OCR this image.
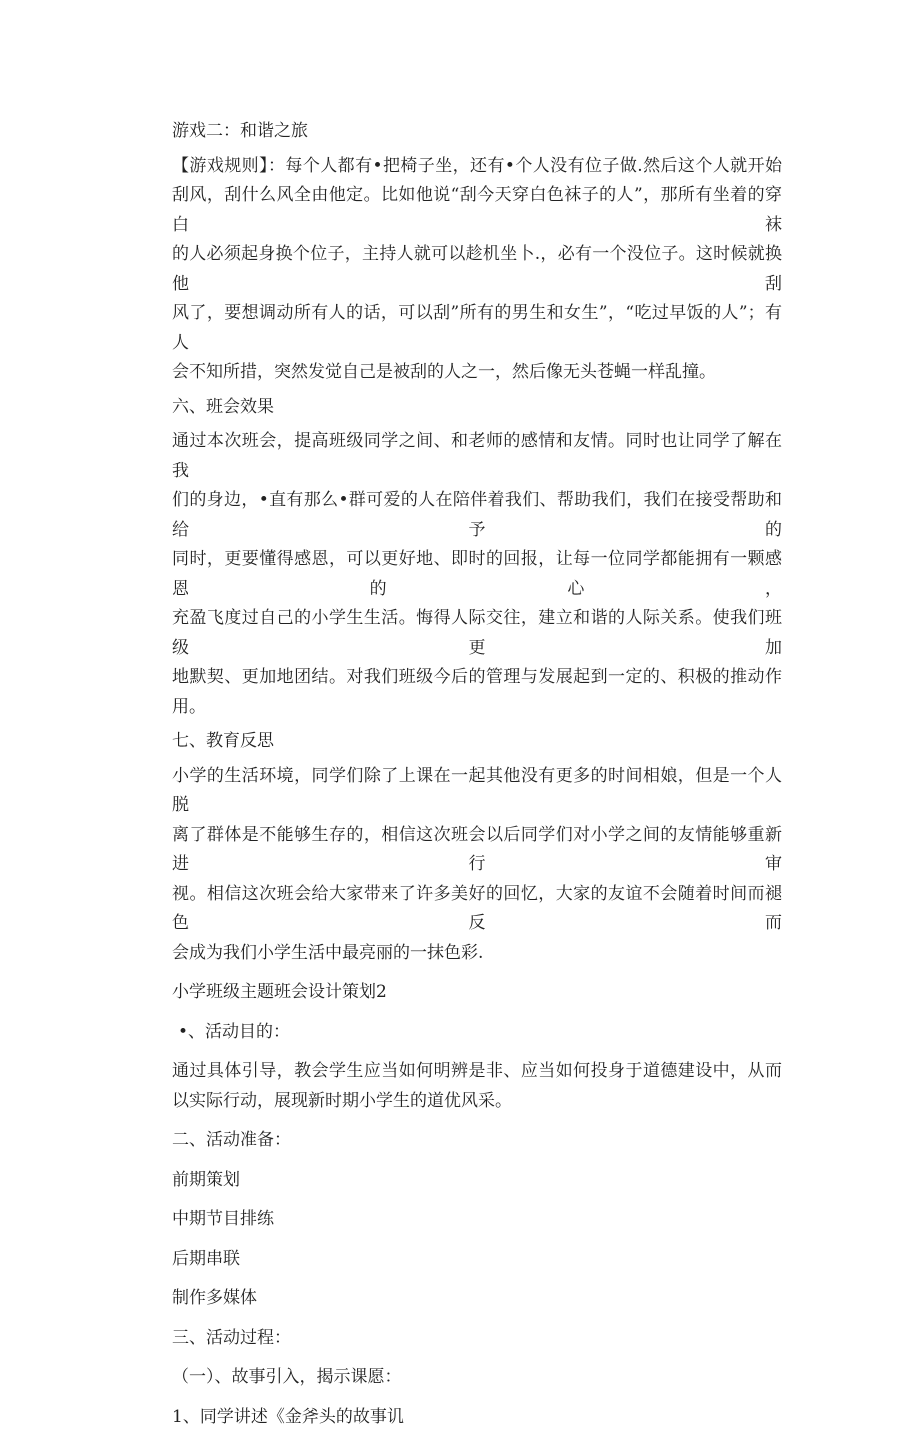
游戏二：和谐之旅

【游戏规则】：每个人都有•把椅子坐，还有•个人没有位子做.然后这个人就开始
刮风，刮什么风全由他定。比如他说“刮今天穿白色袜子的人”，那所有坐着的穿白袜
的人必须起身换个位子，主持人就可以趁机坐卜.，必有一个没位子。这时候就换他刮
风了，要想调动所有人的话，可以刮”所有的男生和女生”，“吃过早饭的人”；有人
会不知所措，突然发觉自己是被刮的人之一，然后像无头苍蝇一样乱撞。

六、班会效果

通过本次班会，提高班级同学之间、和老师的感情和友情。同时也让同学了解在我
们的身边，•直有那么•群可爱的人在陪伴着我们、帮助我们，我们在接受帮助和给予的
同时，更要懂得感恩，可以更好地、即时的回报，让每一位同学都能拥有一颗感恩的心，
充盈飞度过自己的小学生生活。悔得人际交往，建立和谐的人际关系。使我们班级更加
地默契、更加地团结。对我们班级今后的管理与发展起到一定的、积极的推动作用。

七、教育反思

小学的生活环境，同学们除了上课在一起其他没有更多的时间相娘，但是一个人脱
离了群体是不能够生存的，相信这次班会以后同学们对小学之间的友情能够重新进行审
视。相信这次班会给大家带来了许多美好的回忆，大家的友谊不会随着时间而褪色反而
会成为我们小学生活中最亮丽的一抹色彩.

小学班级主题班会设计策划2

•、活动目的：

通过具体引导，教会学生应当如何明辨是非、应当如何投身于道德建设中，从而
以实际行动，展现新时期小学生的道优风采。

二、活动准备：

前期策划

中期节目排练

后期串联

制作多媒体

三、活动过程：

（一）、故事引入，揭示课愿：

1、同学讲述《金斧头的故事讥
